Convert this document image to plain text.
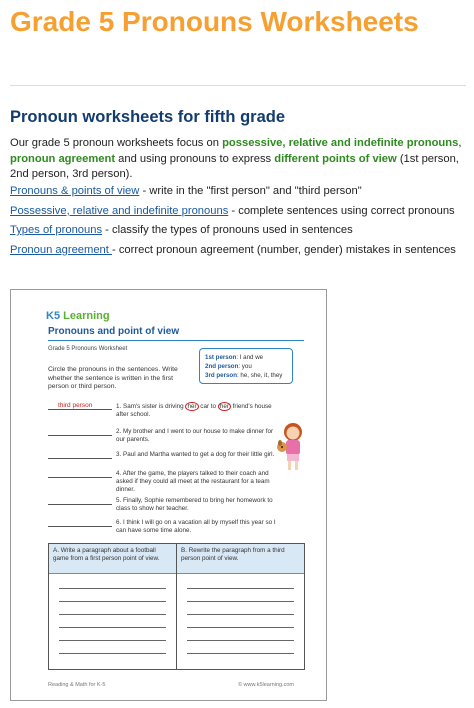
Grade 5 Pronouns Worksheets
Pronoun worksheets for fifth grade

Our grade 5 pronoun worksheets focus on possessive, relative and indefinite pronouns, pronoun agreement and using pronouns to express different points of view (1st person, 2nd person, 3rd person).

Pronouns & points of view - write in the "first person" and "third person"
Possessive, relative and indefinite pronouns - complete sentences using correct pronouns
Types of pronouns - classify the types of pronouns used in sentences
Pronoun agreement - correct pronoun agreement (number, gender) mistakes in sentences
K5 Learning
Pronouns and point of view
Grade 5 Pronouns Worksheet
Circle the pronouns in the sentences. Write whether the sentence is written in the first person or third person.
1st person: I and we
2nd person: you
3rd person: he, she, it, they
third person	1. Sam's sister is driving her car to her friend's house after school.
2. My brother and I went to our house to make dinner for our parents.
3. Paul and Martha wanted to get a dog for their little girl.
4. After the game, the players talked to their coach and asked if they could all meet at the restaurant for a team dinner.
5. Finally, Sophie remembered to bring her homework to class to show her teacher.
6. I think I will go on a vacation all by myself this year so I can have some time alone.
A. Write a paragraph about a football game from a first person point of view.
B. Rewrite the paragraph from a third person point of view.
Reading & Math for K-5	© www.k5learning.com
